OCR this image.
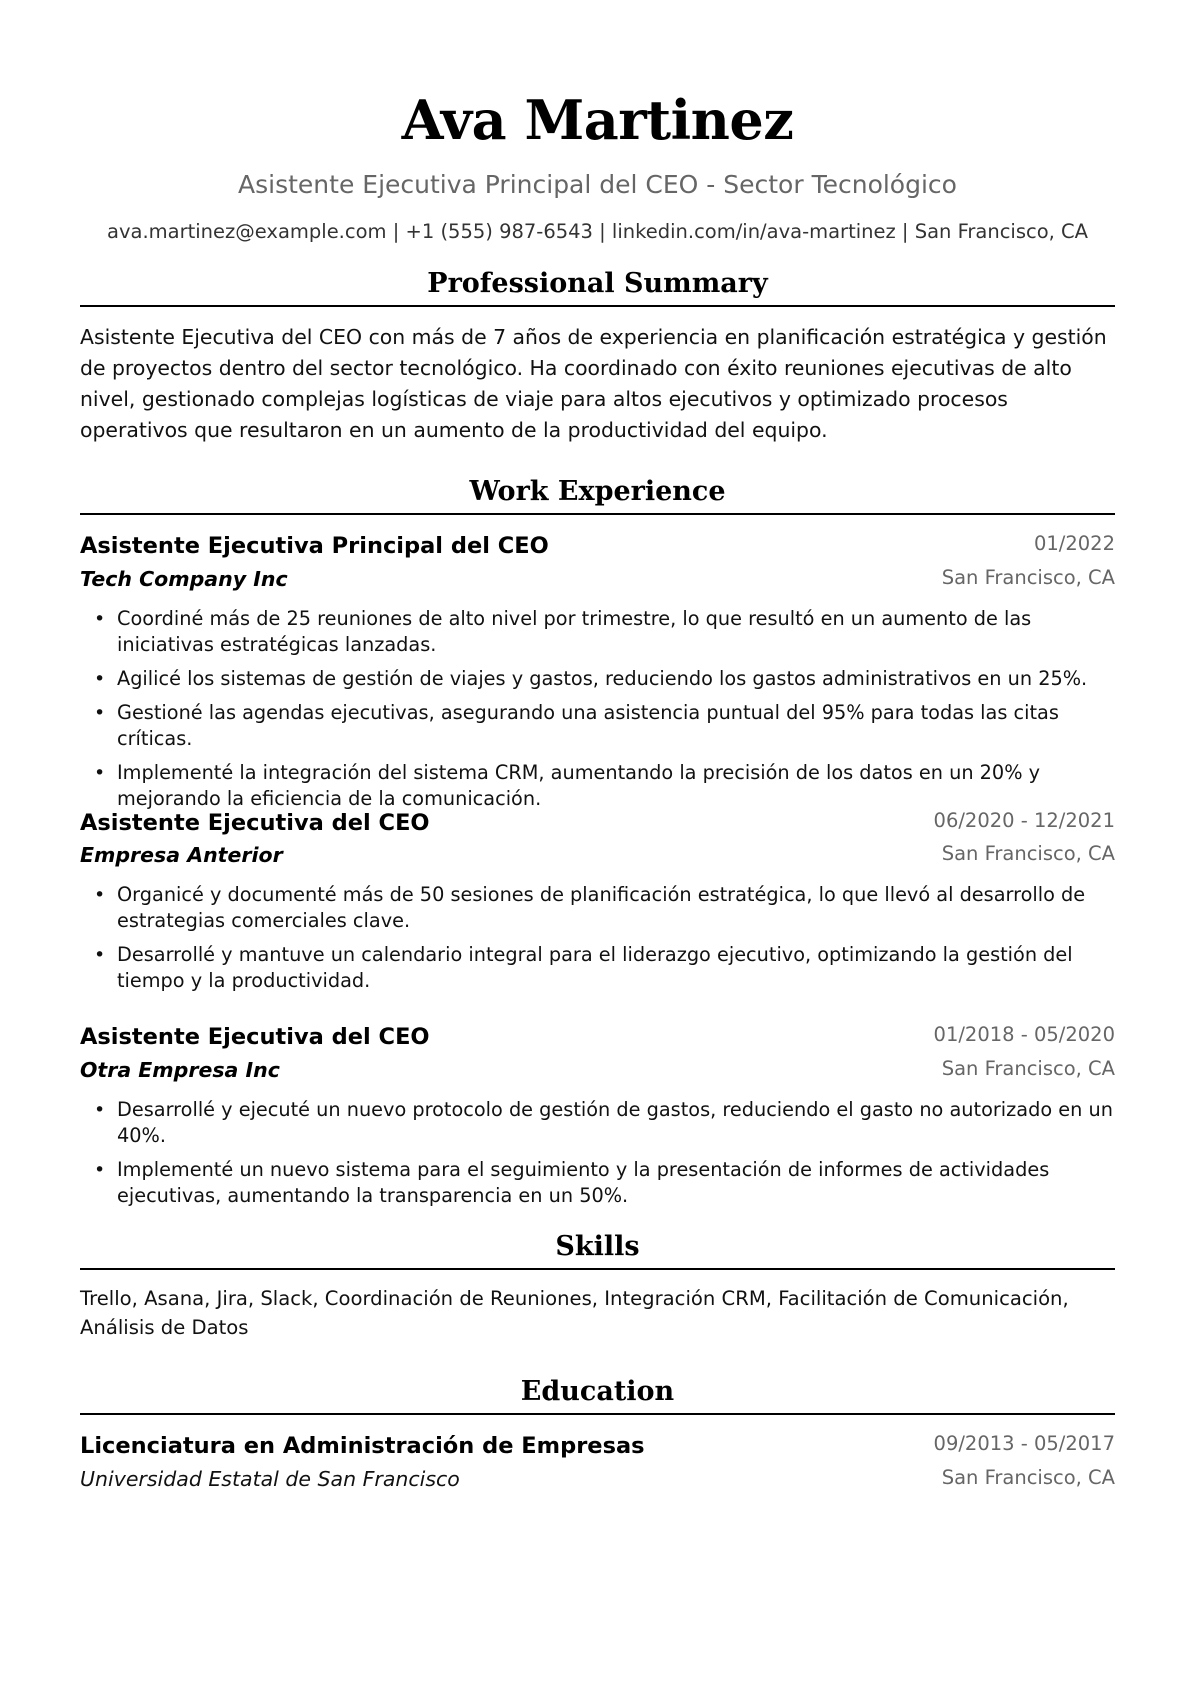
Ava Martinez
Asistente Ejecutiva Principal del CEO - Sector Tecnológico
ava.martinez@example.com | +1 (555) 987-6543 | linkedin.com/in/ava-martinez | San Francisco, CA
Professional Summary
Asistente Ejecutiva del CEO con más de 7 años de experiencia en planificación estratégica y gestión de proyectos dentro del sector tecnológico. Ha coordinado con éxito reuniones ejecutivas de alto nivel, gestionado complejas logísticas de viaje para altos ejecutivos y optimizado procesos operativos que resultaron en un aumento de la productividad del equipo.
Work Experience
Asistente Ejecutiva Principal del CEO	01/2022
Tech Company Inc	San Francisco, CA
• Coordiné más de 25 reuniones de alto nivel por trimestre, lo que resultó en un aumento de las iniciativas estratégicas lanzadas.
• Agilicé los sistemas de gestión de viajes y gastos, reduciendo los gastos administrativos en un 25%.
• Gestioné las agendas ejecutivas, asegurando una asistencia puntual del 95% para todas las citas críticas.
• Implementé la integración del sistema CRM, aumentando la precisión de los datos en un 20% y mejorando la eficiencia de la comunicación.
Asistente Ejecutiva del CEO	06/2020 - 12/2021
Empresa Anterior	San Francisco, CA
• Organicé y documenté más de 50 sesiones de planificación estratégica, lo que llevó al desarrollo de estrategias comerciales clave.
• Desarrollé y mantuve un calendario integral para el liderazgo ejecutivo, optimizando la gestión del tiempo y la productividad.
Asistente Ejecutiva del CEO	01/2018 - 05/2020
Otra Empresa Inc	San Francisco, CA
• Desarrollé y ejecuté un nuevo protocolo de gestión de gastos, reduciendo el gasto no autorizado en un 40%.
• Implementé un nuevo sistema para el seguimiento y la presentación de informes de actividades ejecutivas, aumentando la transparencia en un 50%.
Skills
Trello, Asana, Jira, Slack, Coordinación de Reuniones, Integración CRM, Facilitación de Comunicación, Análisis de Datos
Education
Licenciatura en Administración de Empresas	09/2013 - 05/2017
Universidad Estatal de San Francisco	San Francisco, CA
